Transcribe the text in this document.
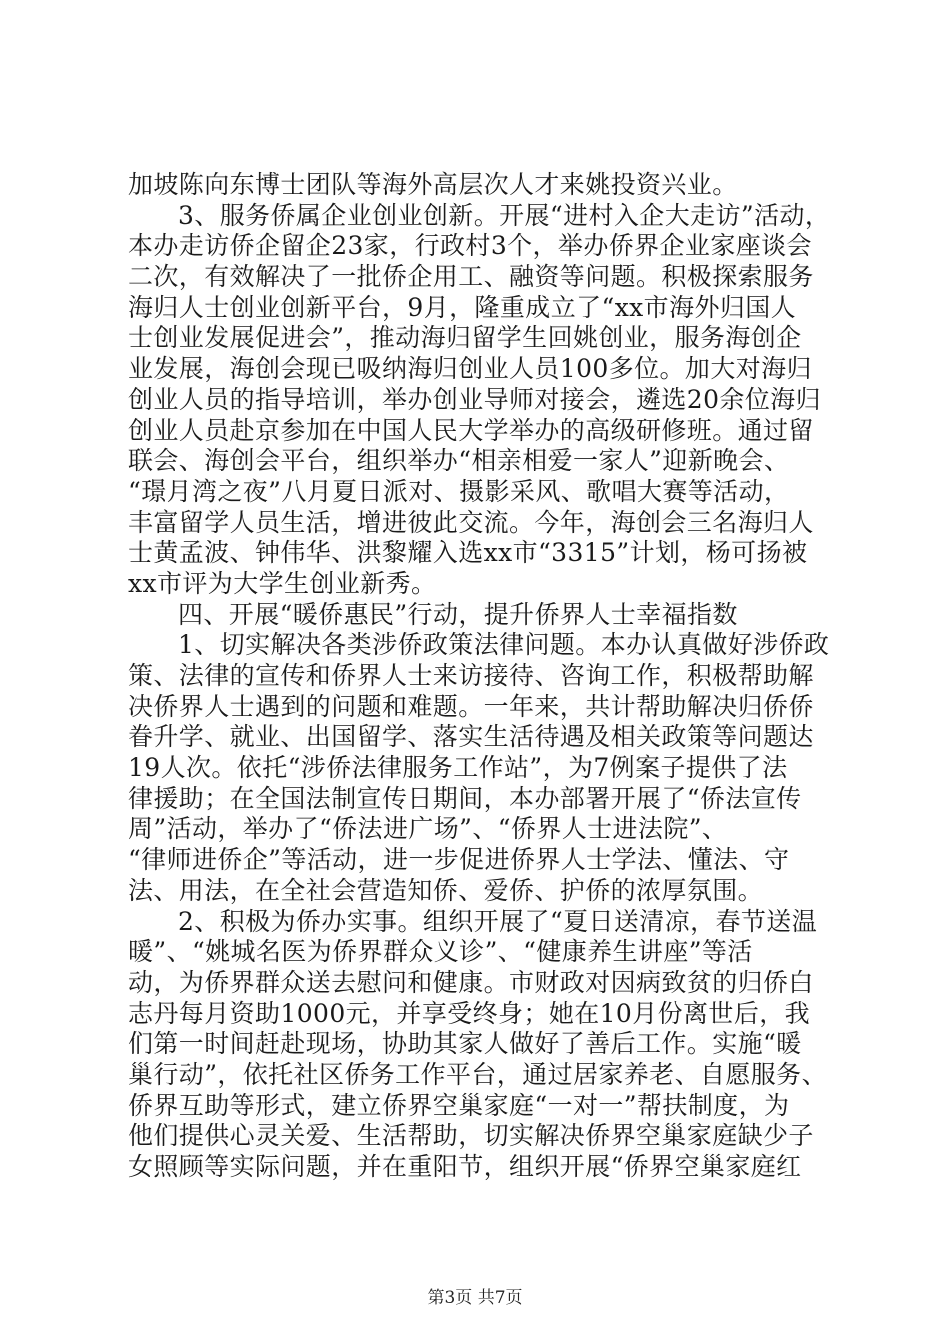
加坡陈向东博士团队等海外高层次人才来姚投资兴业。
3、服务侨属企业创业创新。开展“进村入企大走访”活动，
本办走访侨企留企23家，行政村3个，举办侨界企业家座谈会
二次，有效解决了一批侨企用工、融资等问题。积极探索服务
海归人士创业创新平台，9月，隆重成立了“xx市海外归国人
士创业发展促进会”，推动海归留学生回姚创业，服务海创企
业发展，海创会现已吸纳海归创业人员100多位。加大对海归
创业人员的指导培训，举办创业导师对接会，遴选20余位海归
创业人员赴京参加在中国人民大学举办的高级研修班。通过留
联会、海创会平台，组织举办“相亲相爱一家人”迎新晚会、
“璟月湾之夜”八月夏日派对、摄影采风、歌唱大赛等活动，
丰富留学人员生活，增进彼此交流。今年，海创会三名海归人
士黄孟波、钟伟华、洪黎耀入选xx市“3315”计划，杨可扬被
xx市评为大学生创业新秀。
四、开展“暖侨惠民”行动，提升侨界人士幸福指数
1、切实解决各类涉侨政策法律问题。本办认真做好涉侨政
策、法律的宣传和侨界人士来访接待、咨询工作，积极帮助解
决侨界人士遇到的问题和难题。一年来，共计帮助解决归侨侨
眷升学、就业、出国留学、落实生活待遇及相关政策等问题达
19人次。依托“涉侨法律服务工作站”，为7例案子提供了法
律援助；在全国法制宣传日期间，本办部署开展了“侨法宣传
周”活动，举办了“侨法进广场”、“侨界人士进法院”、
“律师进侨企”等活动，进一步促进侨界人士学法、懂法、守
法、用法，在全社会营造知侨、爱侨、护侨的浓厚氛围。
2、积极为侨办实事。组织开展了“夏日送清凉，春节送温
暖”、“姚城名医为侨界群众义诊”、“健康养生讲座”等活
动，为侨界群众送去慰问和健康。市财政对因病致贫的归侨白
志丹每月资助1000元，并享受终身；她在10月份离世后，我
们第一时间赶赴现场，协助其家人做好了善后工作。实施“暖
巢行动”，依托社区侨务工作平台，通过居家养老、自愿服务、
侨界互助等形式，建立侨界空巢家庭“一对一”帮扶制度，为
他们提供心灵关爱、生活帮助，切实解决侨界空巢家庭缺少子
女照顾等实际问题，并在重阳节，组织开展“侨界空巢家庭红
第3页 共7页
